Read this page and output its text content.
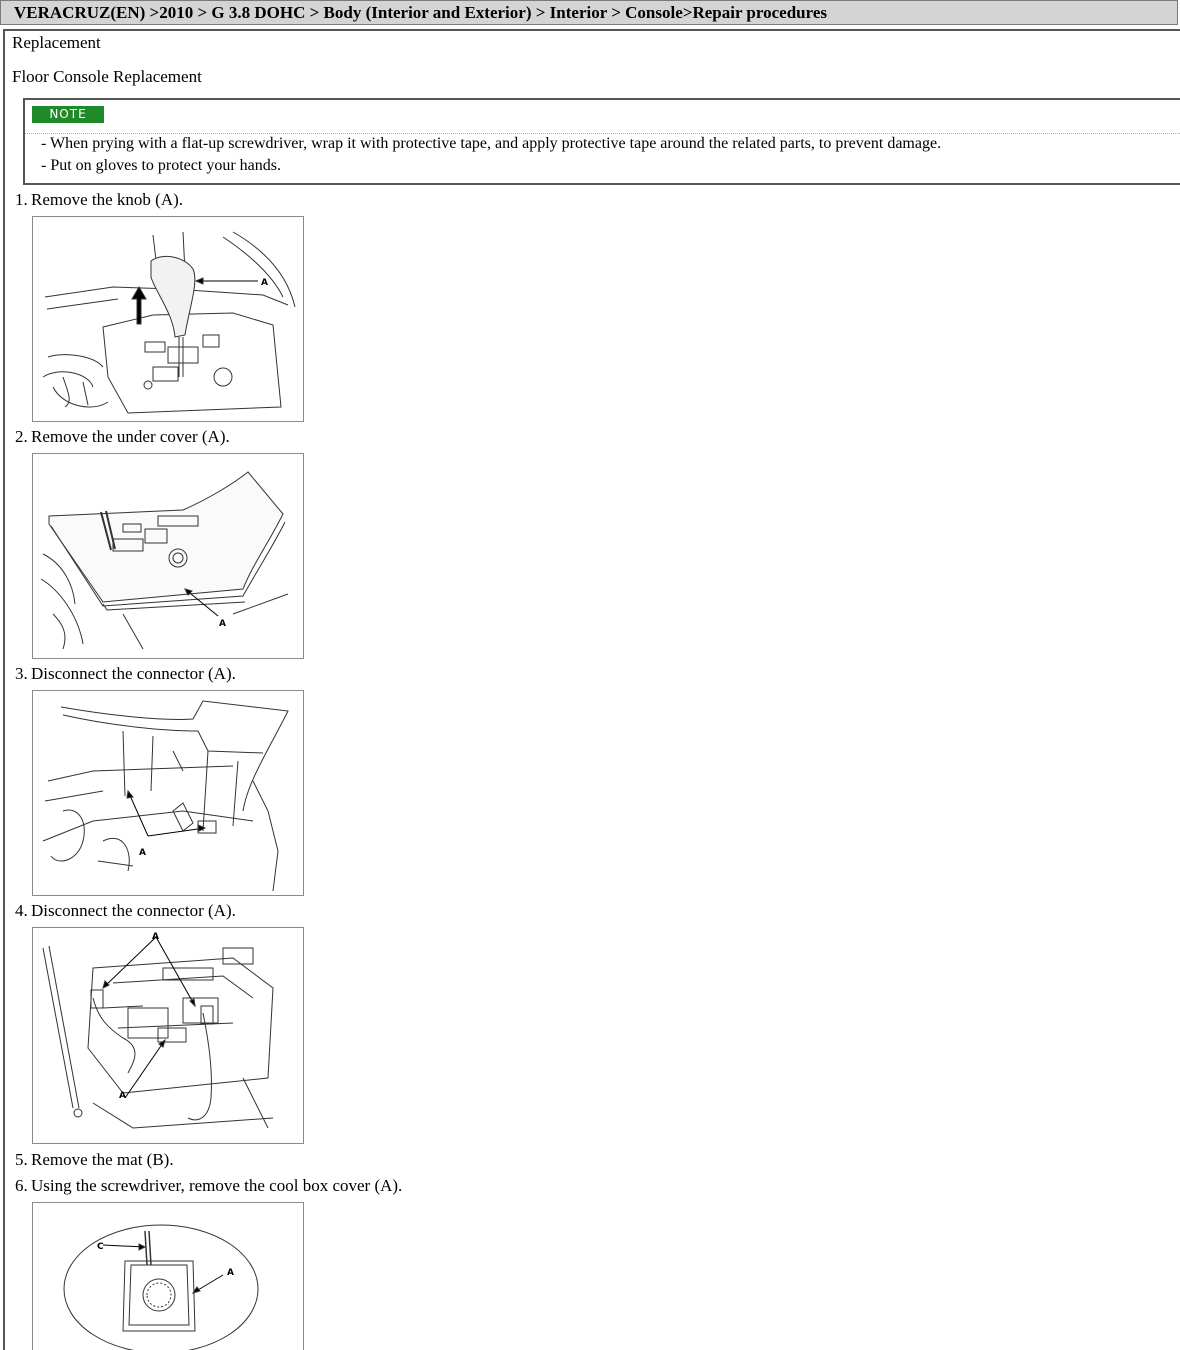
VERACRUZ(EN) >2010 > G 3.8 DOHC > Body (Interior and Exterior) > Interior > Console>Repair procedures
Replacement
Floor Console Replacement
NOTE
- When prying with a flat-up screwdriver, wrap it with protective tape, and apply protective tape around the related parts, to prevent damage.
- Put on gloves to protect your hands.
1. Remove the knob (A).
A
2. Remove the under cover (A).
A
3. Disconnect the connector (A).
A
4. Disconnect the connector (A).
A
A
5. Remove the mat (B).
6. Using the screwdriver, remove the cool box cover (A).
C
A
